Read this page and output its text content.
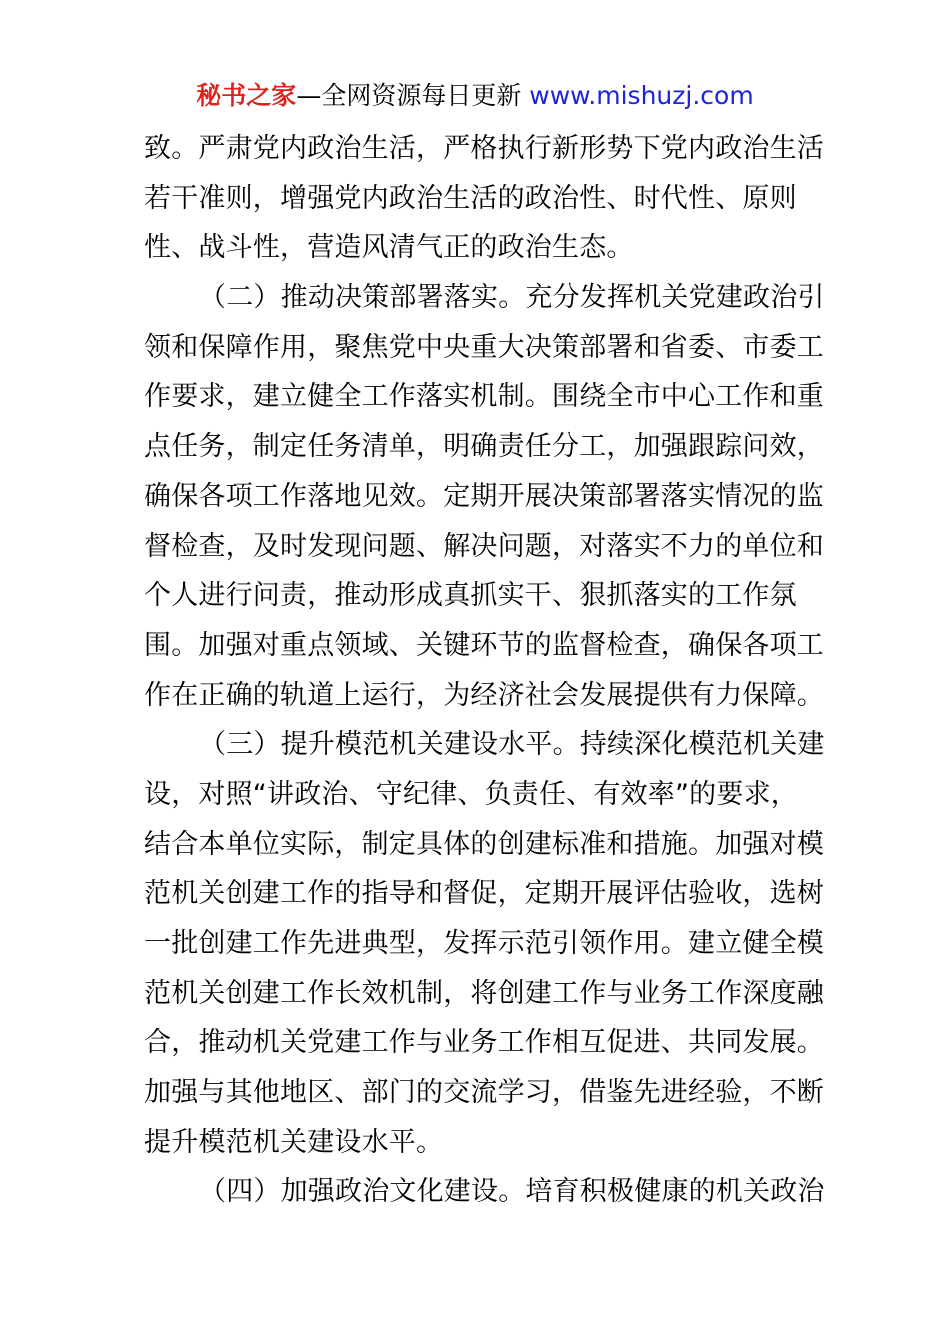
秘书之家—全网资源每日更新 www.mishuzj.com
致。严肃党内政治生活，严格执行新形势下党内政治生活
若干准则，增强党内政治生活的政治性、时代性、原则
性、战斗性，营造风清气正的政治生态。
（二）推动决策部署落实。充分发挥机关党建政治引
领和保障作用，聚焦党中央重大决策部署和省委、市委工
作要求，建立健全工作落实机制。围绕全市中心工作和重
点任务，制定任务清单，明确责任分工，加强跟踪问效，
确保各项工作落地见效。定期开展决策部署落实情况的监
督检查，及时发现问题、解决问题，对落实不力的单位和
个人进行问责，推动形成真抓实干、狠抓落实的工作氛
围。加强对重点领域、关键环节的监督检查，确保各项工
作在正确的轨道上运行，为经济社会发展提供有力保障。
（三）提升模范机关建设水平。持续深化模范机关建
设，对照“讲政治、守纪律、负责任、有效率”的要求，
结合本单位实际，制定具体的创建标准和措施。加强对模
范机关创建工作的指导和督促，定期开展评估验收，选树
一批创建工作先进典型，发挥示范引领作用。建立健全模
范机关创建工作长效机制，将创建工作与业务工作深度融
合，推动机关党建工作与业务工作相互促进、共同发展。
加强与其他地区、部门的交流学习，借鉴先进经验，不断
提升模范机关建设水平。
（四）加强政治文化建设。培育积极健康的机关政治
